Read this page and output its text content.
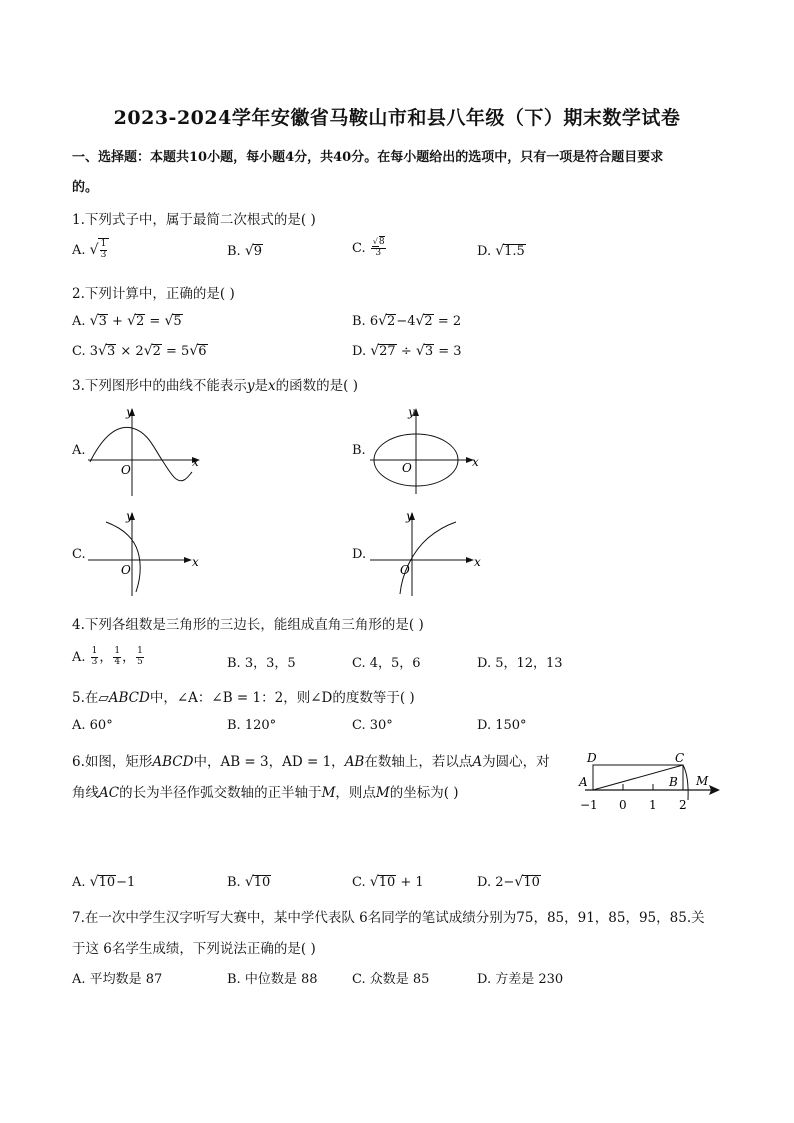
2023-2024学年安徽省马鞍山市和县八年级（下）期末数学试卷
一、选择题：本题共10小题，每小题4分，共40分。在每小题给出的选项中，只有一项是符合题目要求
的。
1.下列式子中，属于最简二次根式的是( )
A. √ $\frac{1}{3}$	B. √9	C. $\frac{√8}{3}$	D. √1.5
2.下列计算中，正确的是( )
A. √3 + √2 = √5	B. 6√2−4√2 = 2
C. 3√3 × 2√2 = 5√6	D. √27 ÷ √3 = 3
3.下列图形中的曲线不能表示y是x的函数的是( )
A.
y
O
x
B.
y
O	x
C.
y
O
x	D.
y
O
x
4.下列各组数是三角形的三边长，能组成直角三角形的是( )
A. $\frac{1}{3}$ ， $\frac{1}{4}$ ， $\frac{1}{5}$	B. 3，3，5	C. 4，5，6	D. 5，12，13
5.在▱ABCD中，∠A：∠B = 1：2，则∠D的度数等于( )
A. 60°	B. 120°	C. 30°	D. 150°
6.如图，矩形ABCD中，AB = 3，AD = 1，AB在数轴上，若以点A为圆心，对
角线AC的长为半径作弧交数轴的正半轴于M，则点M的坐标为( )
D	C
A	B M
−1 0 1 2
A. √10−1	B. √10	C. √10 + 1	D. 2−√10
7.在一次中学生汉字听写大赛中，某中学代表队 6名同学的笔试成绩分别为75，85，91，85，95，85.关
于这 6名学生成绩，下列说法正确的是( )
A. 平均数是 87	B. 中位数是 88	C. 众数是 85	D. 方差是 230
